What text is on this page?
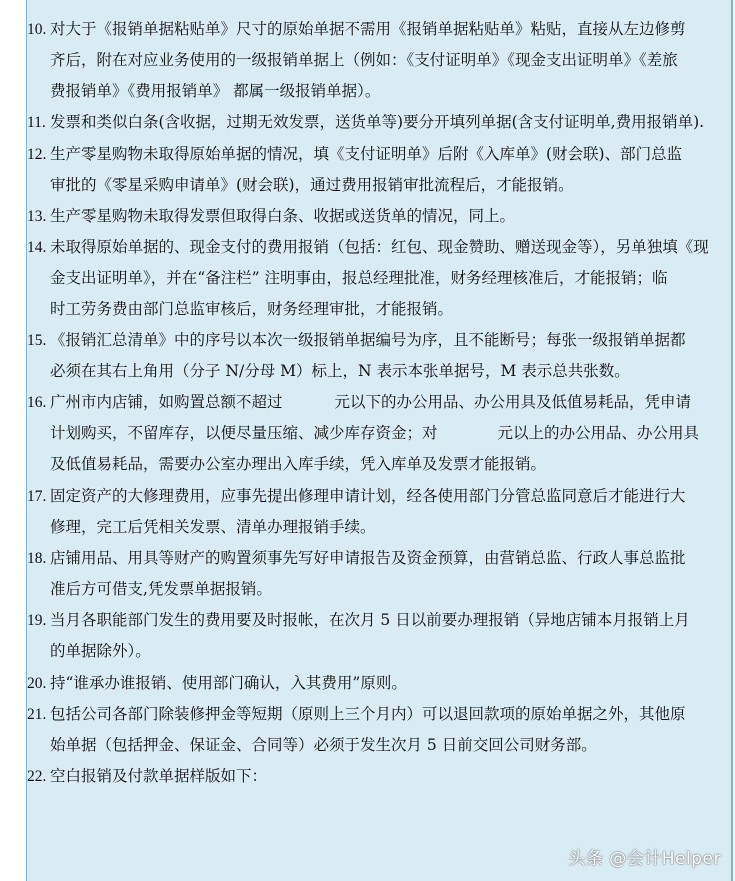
10. 对大于《报销单据粘贴单》尺寸的原始单据不需用《报销单据粘贴单》粘贴，直接从左边修剪
齐后，附在对应业务使用的一级报销单据上（例如：《支付证明单》《现金支出证明单》《差旅
费报销单》《费用报销单》 都属一级报销单据）。
11. 发票和类似白条(含收据，过期无效发票，送货单等)要分开填列单据(含支付证明单,费用报销单).
12. 生产零星购物未取得原始单据的情况，填《支付证明单》后附《入库单》(财会联)、部门总监
审批的《零星采购申请单》(财会联)，通过费用报销审批流程后，才能报销。
13. 生产零星购物未取得发票但取得白条、收据或送货单的情况，同上。
14. 未取得原始单据的、现金支付的费用报销（包括：红包、现金赞助、赠送现金等），另单独填《现
金支出证明单》，并在“备注栏” 注明事由，报总经理批准，财务经理核准后，才能报销；临
时工劳务费由部门总监审核后，财务经理审批，才能报销。
15. 《报销汇总清单》中的序号以本次一级报销单据编号为序，且不能断号；每张一级报销单据都
必须在其右上角用（分子 N/分母 M）标上，N 表示本张单据号，M 表示总共张数。
16. 广州市内店铺，如购置总额不超过	元以下的办公用品、办公用具及低值易耗品，凭申请
计划购买，不留库存，以便尽量压缩、减少库存资金；对	元以上的办公用品、办公用具
及低值易耗品，需要办公室办理出入库手续，凭入库单及发票才能报销。
17. 固定资产的大修理费用，应事先提出修理申请计划，经各使用部门分管总监同意后才能进行大
修理，完工后凭相关发票、清单办理报销手续。
18. 店铺用品、用具等财产的购置须事先写好申请报告及资金预算，由营销总监、行政人事总监批
准后方可借支,凭发票单据报销。
19. 当月各职能部门发生的费用要及时报帐，在次月 5 日以前要办理报销（异地店铺本月报销上月
的单据除外）。
20. 持“谁承办谁报销、使用部门确认，入其费用”原则。
21. 包括公司各部门除装修押金等短期（原则上三个月内）可以退回款项的原始单据之外，其他原
始单据（包括押金、保证金、合同等）必须于发生次月 5 日前交回公司财务部。
22. 空白报销及付款单据样版如下：
头条 @会计Helper
